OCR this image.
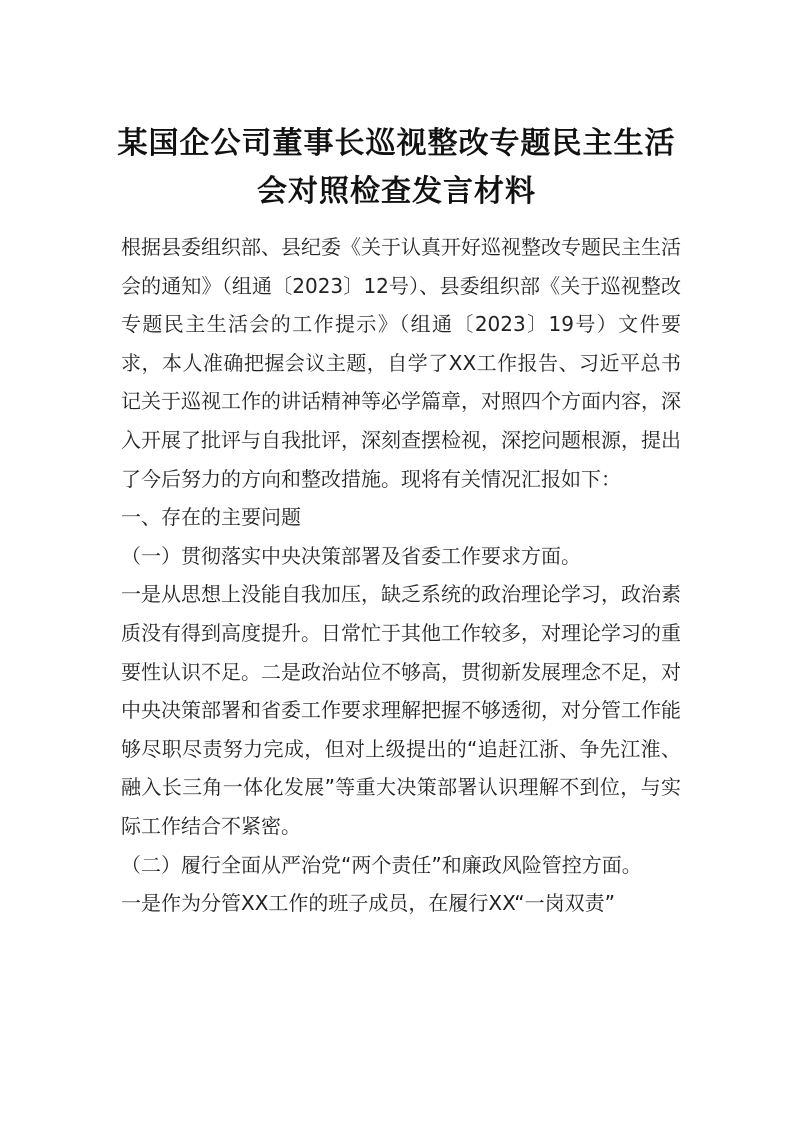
某国企公司董事长巡视整改专题民主生活
会对照检查发言材料

根据县委组织部、县纪委《关于认真开好巡视整改专题民主生活会的通知》（组通〔2023〕12号）、县委组织部《关于巡视整改专题民主生活会的工作提示》（组通〔2023〕19号）文件要求，本人准确把握会议主题，自学了XX工作报告、习近平总书记关于巡视工作的讲话精神等必学篇章，对照四个方面内容，深入开展了批评与自我批评，深刻查摆检视，深挖问题根源，提出了今后努力的方向和整改措施。现将有关情况汇报如下：

一、存在的主要问题

（一）贯彻落实中央决策部署及省委工作要求方面。

一是从思想上没能自我加压，缺乏系统的政治理论学习，政治素质没有得到高度提升。日常忙于其他工作较多，对理论学习的重要性认识不足。二是政治站位不够高，贯彻新发展理念不足，对中央决策部署和省委工作要求理解把握不够透彻，对分管工作能够尽职尽责努力完成，但对上级提出的“追赶江浙、争先江淮、融入长三角一体化发展”等重大决策部署认识理解不到位，与实际工作结合不紧密。

（二）履行全面从严治党“两个责任”和廉政风险管控方面。

一是作为分管XX工作的班子成员，在履行XX“一岗双责”
